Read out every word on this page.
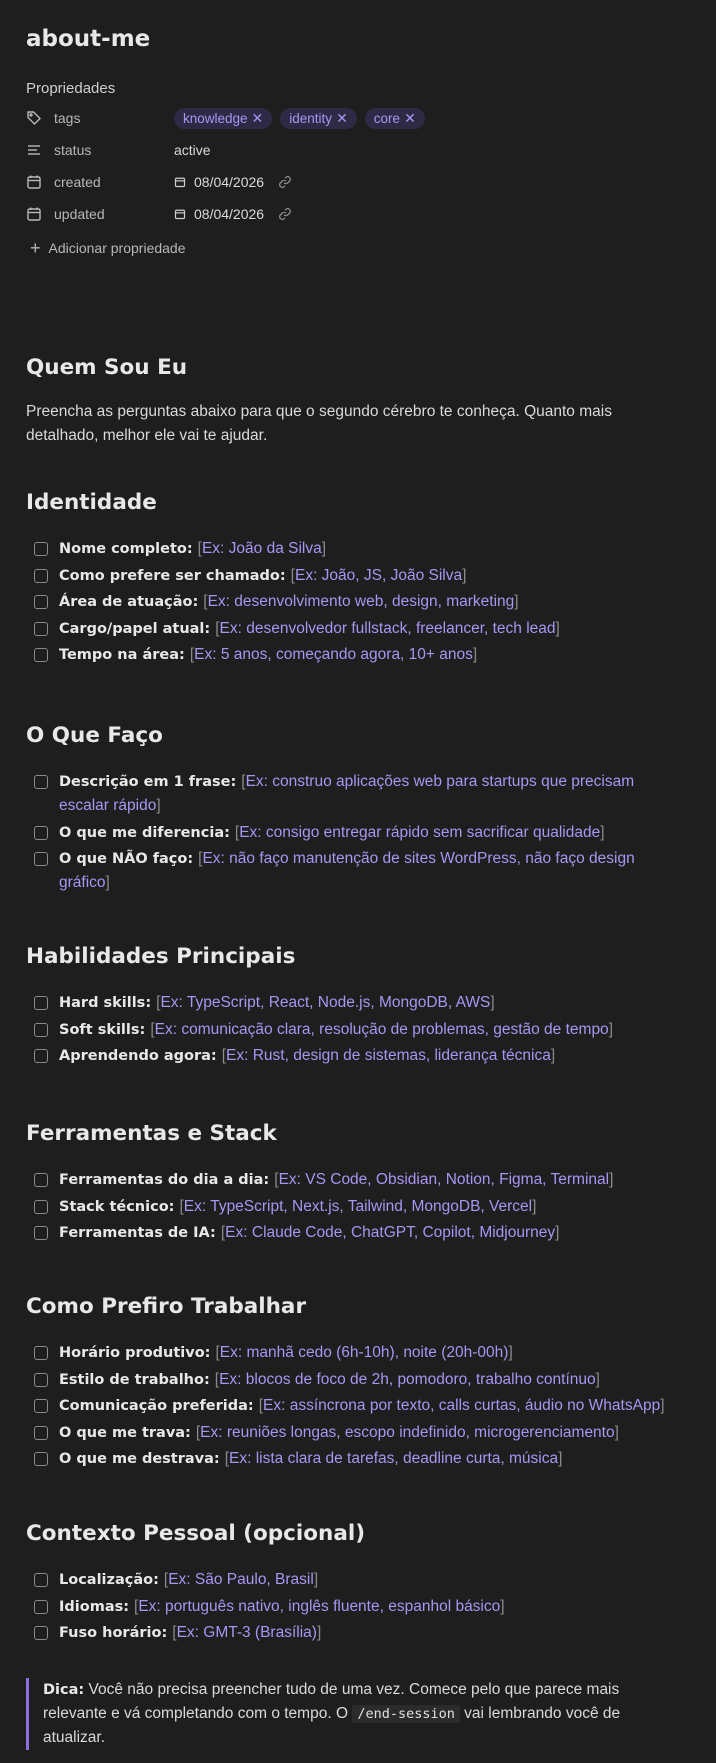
about-me
Propriedades
tags	knowledge ✕ identity ✕ core ✕
status	active
created	08/04/2026
updated	08/04/2026
+ Adicionar propriedade
Quem Sou Eu
Preencha as perguntas abaixo para que o segundo cérebro te conheça. Quanto mais detalhado, melhor ele vai te ajudar.
Identidade
Nome completo: [Ex: João da Silva]
Como prefere ser chamado: [Ex: João, JS, João Silva]
Área de atuação: [Ex: desenvolvimento web, design, marketing]
Cargo/papel atual: [Ex: desenvolvedor fullstack, freelancer, tech lead]
Tempo na área: [Ex: 5 anos, começando agora, 10+ anos]
O Que Faço
Descrição em 1 frase: [Ex: construo aplicações web para startups que precisam escalar rápido]
O que me diferencia: [Ex: consigo entregar rápido sem sacrificar qualidade]
O que NÃO faço: [Ex: não faço manutenção de sites WordPress, não faço design gráfico]
Habilidades Principais
Hard skills: [Ex: TypeScript, React, Node.js, MongoDB, AWS]
Soft skills: [Ex: comunicação clara, resolução de problemas, gestão de tempo]
Aprendendo agora: [Ex: Rust, design de sistemas, liderança técnica]
Ferramentas e Stack
Ferramentas do dia a dia: [Ex: VS Code, Obsidian, Notion, Figma, Terminal]
Stack técnico: [Ex: TypeScript, Next.js, Tailwind, MongoDB, Vercel]
Ferramentas de IA: [Ex: Claude Code, ChatGPT, Copilot, Midjourney]
Como Prefiro Trabalhar
Horário produtivo: [Ex: manhã cedo (6h-10h), noite (20h-00h)]
Estilo de trabalho: [Ex: blocos de foco de 2h, pomodoro, trabalho contínuo]
Comunicação preferida: [Ex: assíncrona por texto, calls curtas, áudio no WhatsApp]
O que me trava: [Ex: reuniões longas, escopo indefinido, microgerenciamento]
O que me destrava: [Ex: lista clara de tarefas, deadline curta, música]
Contexto Pessoal (opcional)
Localização: [Ex: São Paulo, Brasil]
Idiomas: [Ex: português nativo, inglês fluente, espanhol básico]
Fuso horário: [Ex: GMT-3 (Brasília)]
Dica: Você não precisa preencher tudo de uma vez. Comece pelo que parece mais relevante e vá completando com o tempo. O /end-session vai lembrando você de atualizar.
